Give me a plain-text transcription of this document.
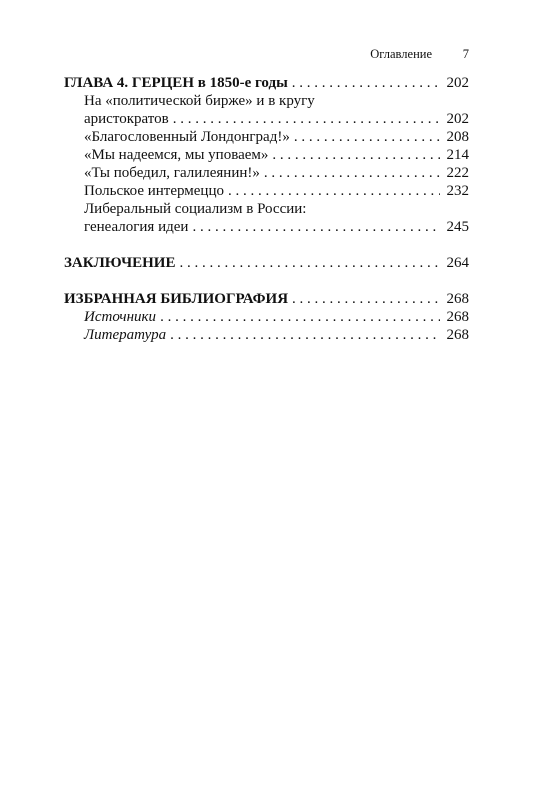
Оглавление 7
ГЛАВА 4. ГЕРЦЕН в 1850-е годы . . .	202
На «политической бирже» и в кругу
аристократов . . .	202
«Благословенный Лондонград!» . . .	208
«Мы надеемся, мы уповаем» . . .	214
«Ты победил, галилеянин!» . . .	222
Польское интермеццо . . .	232
Либеральный социализм в России:
генеалогия идеи . . .	245
ЗАКЛЮЧЕНИЕ . . .	264
ИЗБРАННАЯ БИБЛИОГРАФИЯ . . .	268
Источники . . .	268
Литература . . .	268
